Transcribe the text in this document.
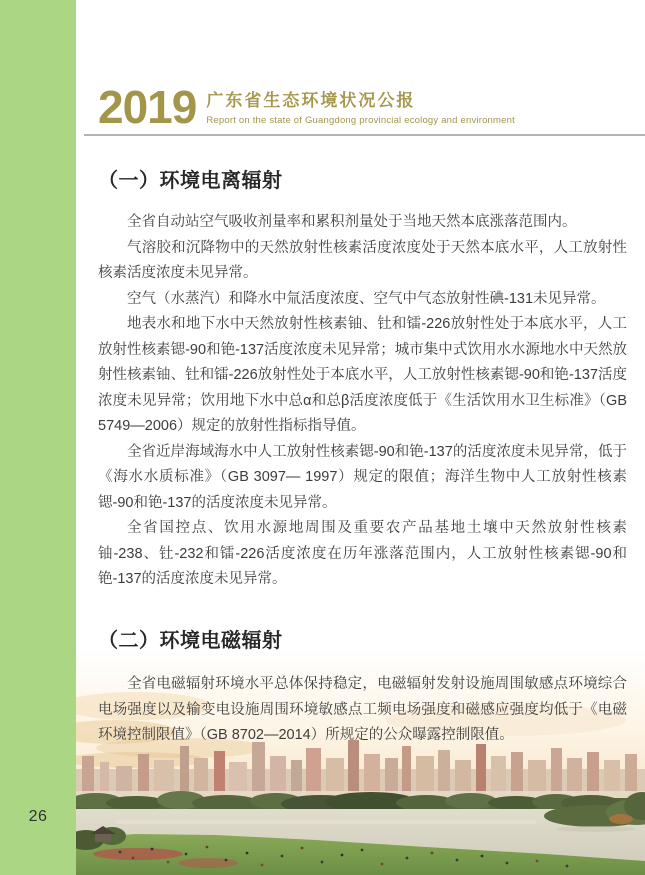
26
2019 广东省生态环境状况公报
Report on the state of Guangdong provincial ecology and environment
（一）环境电离辐射

全省自动站空气吸收剂量率和累积剂量处于当地天然本底涨落范围内。

气溶胶和沉降物中的天然放射性核素活度浓度处于天然本底水平，人工放射性核素活度浓度未见异常。

空气（水蒸汽）和降水中氚活度浓度、空气中气态放射性碘-131未见异常。

地表水和地下水中天然放射性核素铀、钍和镭-226放射性处于本底水平，人工放射性核素锶-90和铯-137活度浓度未见异常；城市集中式饮用水水源地水中天然放射性核素铀、钍和镭-226放射性处于本底水平，人工放射性核素锶-90和铯-137活度浓度未见异常；饮用地下水中总α和总β活度浓度低于《生活饮用水卫生标准》（GB 5749—2006）规定的放射性指标指导值。

全省近岸海域海水中人工放射性核素锶-90和铯-137的活度浓度未见异常，低于《海水水质标准》（GB 3097— 1997）规定的限值；海洋生物中人工放射性核素锶-90和铯-137的活度浓度未见异常。

全省国控点、饮用水源地周围及重要农产品基地土壤中天然放射性核素铀-238、钍-232和镭-226活度浓度在历年涨落范围内，人工放射性核素锶-90和铯-137的活度浓度未见异常。

（二）环境电磁辐射

全省电磁辐射环境水平总体保持稳定，电磁辐射发射设施周围敏感点环境综合电场强度以及输变电设施周围环境敏感点工频电场强度和磁感应强度均低于《电磁环境控制限值》（GB 8702—2014）所规定的公众曝露控制限值。
